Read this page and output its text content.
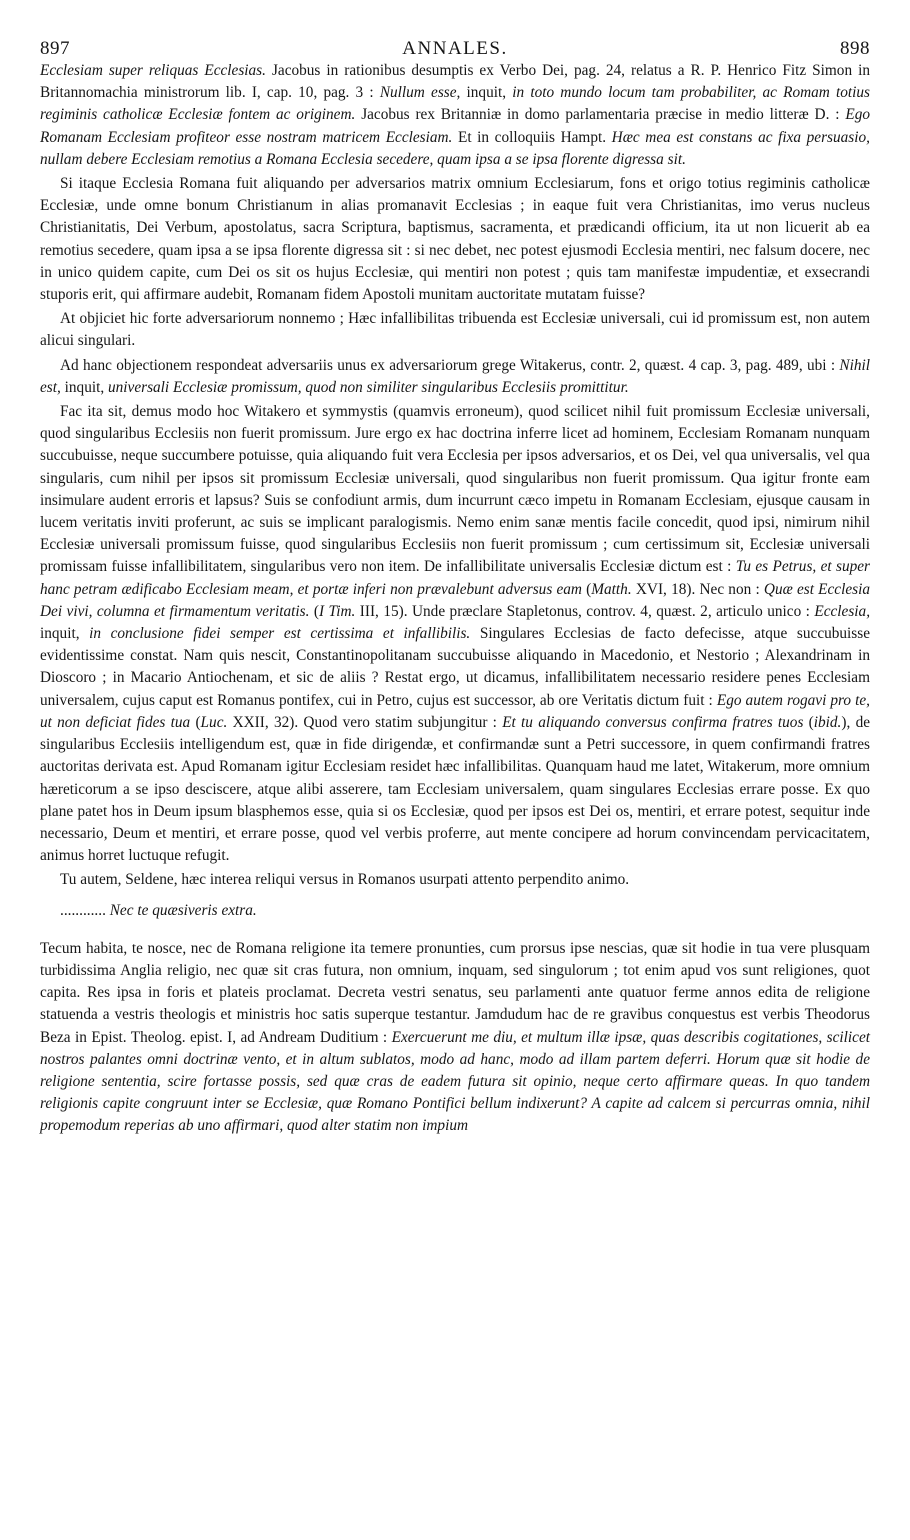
897	ANNALES.	898

Ecclesiam super reliquas Ecclesias. Jacobus in rationibus desumptis ex Verbo Dei, pag. 24, relatus a R. P. Henrico Fitz Simon in Britannomachia ministrorum lib. I, cap. 10, pag. 3 : Nullum esse, inquit, in toto mundo locum tam probabiliter, ac Romam totius regiminis catholicæ Ecclesiæ fontem ac originem. Jacobus rex Britanniæ in domo parlamentaria præcise in medio litteræ D. : Ego Romanam Ecclesiam profiteor esse nostram matricem Ecclesiam. Et in colloquiis Hampt. Hæc mea est constans ac fixa persuasio, nullam debere Ecclesiam remotius a Romana Ecclesia secedere, quam ipsa a se ipsa florente digressa sit.

Si itaque Ecclesia Romana fuit aliquando per adversarios matrix omnium Ecclesiarum, fons et origo totius regiminis catholicæ Ecclesiæ, unde omne bonum Christianum in alias promanavit Ecclesias ; in eaque fuit vera Christianitas, imo verus nucleus Christianitatis, Dei Verbum, apostolatus, sacra Scriptura, baptismus, sacramenta, et prædicandi officium, ita ut non licuerit ab ea remotius secedere, quam ipsa a se ipsa florente digressa sit : si nec debet, nec potest ejusmodi Ecclesia mentiri, nec falsum docere, nec in unico quidem capite, cum Dei os sit os hujus Ecclesiæ, qui mentiri non potest ; quis tam manifestæ impudentiæ, et exsecrandi stuporis erit, qui affirmare audebit, Romanam fidem Apostoli munitam auctoritate mutatam fuisse?

At objiciet hic forte adversariorum nonnemo ; Hæc infallibilitas tribuenda est Ecclesiæ universali, cui id promissum est, non autem alicui singulari.

Ad hanc objectionem respondeat adversariis unus ex adversariorum grege Witakerus, contr. 2, quæst. 4 cap. 3, pag. 489, ubi : Nihil est, inquit, universali Ecclesiæ promissum, quod non similiter singularibus Ecclesiis promittitur.

Fac ita sit, demus modo hoc Witakero et symmystis (quamvis erroneum), quod scilicet nihil fuit promissum Ecclesiæ universali, quod singularibus Ecclesiis non fuerit promissum. Jure ergo ex hac doctrina inferre licet ad hominem, Ecclesiam Romanam nunquam succubuisse, neque succumbere potuisse, quia aliquando fuit vera Ecclesia per ipsos adversarios, et os Dei, vel qua universalis, vel qua singularis, cum nihil per ipsos sit promissum Ecclesiæ universali, quod singularibus non fuerit promissum. Qua igitur fronte eam insimulare audent erroris et lapsus? Suis se confodiunt armis, dum incurrunt cæco impetu in Romanam Ecclesiam, ejusque causam in lucem veritatis inviti proferunt, ac suis se implicant paralogismis. Nemo enim sanæ mentis facile concedit, quod ipsi, nimirum nihil Ecclesiæ universali promissum fuisse, quod singularibus Ecclesiis non fuerit promissum ; cum certissimum sit, Ecclesiæ universali promissam fuisse infallibilitatem, singularibus vero non item. De infallibilitate universalis Ecclesiæ dictum est : Tu es Petrus, et super hanc petram ædificabo Ecclesiam meam, et portæ inferi non prævalebunt adversus eam (Matth. XVI, 18). Nec non : Quæ est Ecclesia Dei vivi, columna et firmamentum veritatis. (I Tim. III, 15). Unde præclare Stapletonus, controv. 4, quæst. 2, articulo unico : Ecclesia, inquit, in conclusione fidei semper est certissima et infallibilis. Singulares Ecclesias de facto defecisse, atque succubuisse evidentissime constat. Nam quis nescit, Constantinopolitanam succubuisse aliquando in Macedonio, et Nestorio ; Alexandrinam in Dioscoro ; in Macario Antiochenam, et sic de aliis ? Restat ergo, ut dicamus, infallibilitatem necessario residere penes Ecclesiam universalem, cujus caput est Romanus pontifex, cui in Petro, cujus est successor, ab ore Veritatis dictum fuit : Ego autem rogavi pro te, ut non deficiat fides tua (Luc. XXII, 32). Quod vero statim subjungitur : Et tu aliquando conversus confirma fratres tuos (ibid.), de singularibus Ecclesiis intelligendum est, quæ in fide dirigendæ, et confirmandæ sunt a Petri successore, in quem confirmandi fratres auctoritas derivata est. Apud Romanam igitur Ecclesiam residet hæc infallibilitas. Quanquam haud me latet, Witakerum, more omnium hæreticorum a se ipso desciscere, atque alibi asserere, tam Ecclesiam universalem, quam singulares Ecclesias errare posse. Ex quo plane patet hos in Deum ipsum blasphemos esse, quia si os Ecclesiæ, quod per ipsos est Dei os, mentiri, et errare potest, sequitur inde necessario, Deum et mentiri, et errare posse, quod vel verbis proferre, aut mente concipere ad horum convincendam pervicacitatem, animus horret luctuque refugit.

Tu autem, Seldene, hæc interea reliqui versus in Romanos usurpati attento perpendito animo.

............ Nec te quæsiveris extra.

Tecum habita, te nosce, nec de Romana religione ita temere pronunties, cum prorsus ipse nescias, quæ sit hodie in tua vere plusquam turbidissima Anglia religio, nec quæ sit cras futura, non omnium, inquam, sed singulorum ; tot enim apud vos sunt religiones, quot capita. Res ipsa in foris et plateis proclamat. Decreta vestri senatus, seu parlamenti ante quatuor ferme annos edita de religione statuenda a vestris theologis et ministris hoc satis superque testantur. Jamdudum hac de re gravibus conquestus est verbis Theodorus Beza in Epist. Theolog. epist. I, ad Andream Duditium : Exercuerunt me diu, et multum illæ ipsæ, quas describis cogitationes, scilicet nostros palantes omni doctrinæ vento, et in altum sublatos, modo ad hanc, modo ad illam partem deferri. Horum quæ sit hodie de religione sententia, scire fortasse possis, sed quæ cras de eadem futura sit opinio, neque certo affirmare queas. In quo tandem religionis capite congruunt inter se Ecclesiæ, quæ Romano Pontifici bellum indixerunt? A capite ad calcem si percurras omnia, nihil propemodum reperias ab uno affirmari, quod alter statim non impium
